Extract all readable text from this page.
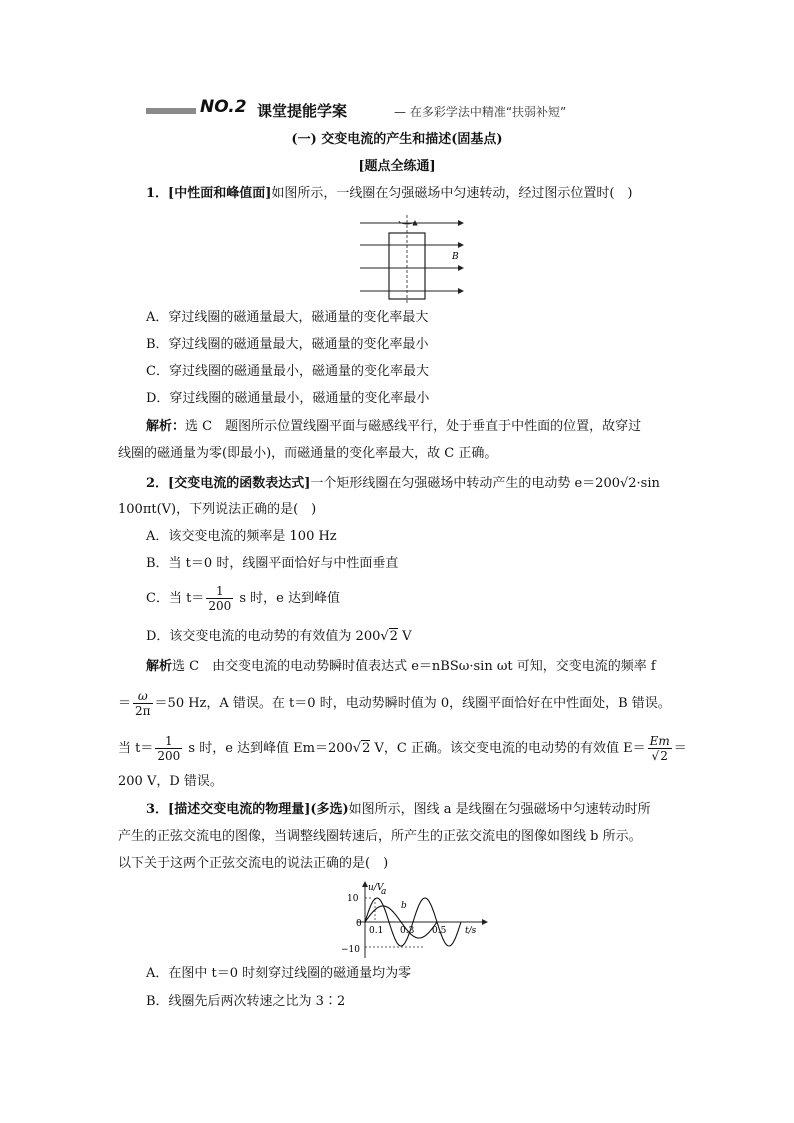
NO.2 课堂提能学案	— 在多彩学法中精准“扶弱补短”
(一) 交变电流的产生和描述(固基点)
[题点全练通]
1．[中性面和峰值面]如图所示，一线圈在匀强磁场中匀速转动，经过图示位置时(　)
B
A．穿过线圈的磁通量最大，磁通量的变化率最大
B．穿过线圈的磁通量最大，磁通量的变化率最小
C．穿过线圈的磁通量最小，磁通量的变化率最大
D．穿过线圈的磁通量最小，磁通量的变化率最小
解析：选 C　题图所示位置线圈平面与磁感线平行，处于垂直于中性面的位置，故穿过
线圈的磁通量为零(即最小)，而磁通量的变化率最大，故 C 正确。
2．[交变电流的函数表达式]一个矩形线圈在匀强磁场中转动产生的电动势 e＝200√2·sin
100πt(V)，下列说法正确的是(　)
A．该交变电流的频率是 100 Hz
B．当 t＝0 时，线圈平面恰好与中性面垂直
C．当 $t= \frac{1}{200}$ s 时，e 达到峰值
D．该交变电流的电动势的有效值为 200√2 V
解析选 C　由交变电流的电动势瞬时值表达式 e＝nBSω·sin ωt 可知，交变电流的频率 f
＝ $\frac{\omega}{2\pi} =50$ Hz，A 错误。在 t＝0 时，电动势瞬时值为 0，线圈平面恰好在中性面处，B 错误。
当 $t= \frac{1}{200}$ s 时，e 达到峰值 Em＝200√2 V，C 正确。该交变电流的电动势的有效值 $E= \frac{Em}{√2}$ ＝
200 V，D 错误。
3．[描述交变电流的物理量](多选)如图所示，图线 a 是线圈在匀强磁场中匀速转动时所
产生的正弦交流电的图像，当调整线圈转速后，所产生的正弦交流电的图像如图线 b 所示。
以下关于这两个正弦交流电的说法正确的是(　)
u/V
t/s
10
0
−10
0.1 0.3 0.5
a
b
A．在图中 t＝0 时刻穿过线圈的磁通量均为零
B．线圈先后两次转速之比为 3∶2
